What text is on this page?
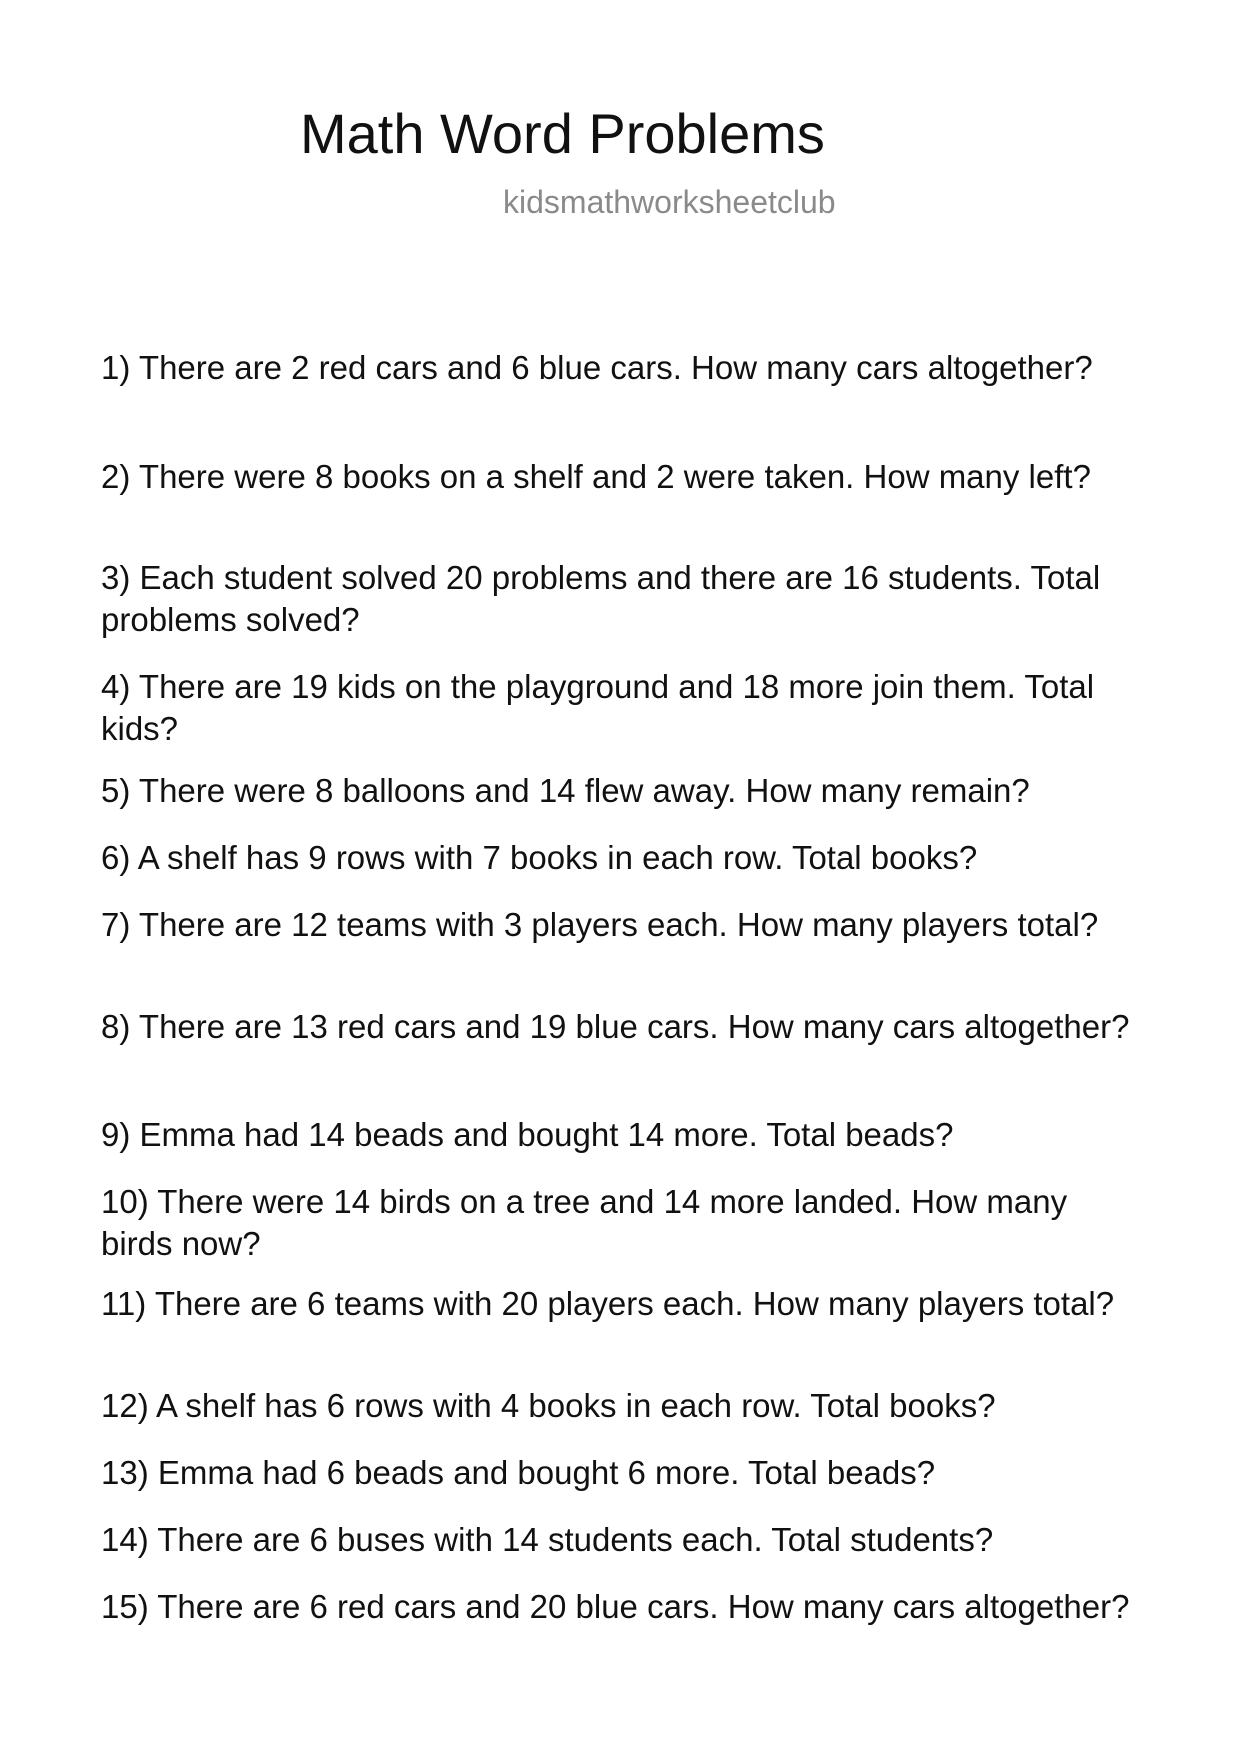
Math Word Problems
kidsmathworksheetclub
1) There are 2 red cars and 6 blue cars. How many cars altogether?
2) There were 8 books on a shelf and 2 were taken. How many left?
3) Each student solved 20 problems and there are 16 students. Total problems solved?
4) There are 19 kids on the playground and 18 more join them. Total kids?
5) There were 8 balloons and 14 flew away. How many remain?
6) A shelf has 9 rows with 7 books in each row. Total books?
7) There are 12 teams with 3 players each. How many players total?
8) There are 13 red cars and 19 blue cars. How many cars altogether?
9) Emma had 14 beads and bought 14 more. Total beads?
10) There were 14 birds on a tree and 14 more landed. How many birds now?
11) There are 6 teams with 20 players each. How many players total?
12) A shelf has 6 rows with 4 books in each row. Total books?
13) Emma had 6 beads and bought 6 more. Total beads?
14) There are 6 buses with 14 students each. Total students?
15) There are 6 red cars and 20 blue cars. How many cars altogether?
